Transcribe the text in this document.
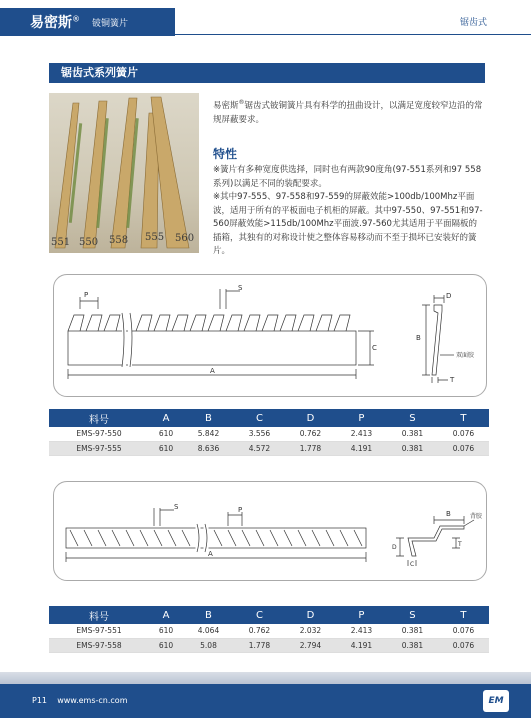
易密斯® 铍铜簧片	锯齿式
锯齿式系列簧片
551 550 558 555 560
易密斯®锯齿式铍铜簧片具有科学的扭曲设计，以满足宽度较窄边沿的常规屏蔽要求。
特性
※簧片有多种宽度供选择，同时也有两款90度角(97-551系列和97 558系列)以满足不同的装配要求。
※其中97-555、97-558和97-559的屏蔽效能>100db/100Mhz平面波，适用于所有的平板面电子机柜的屏蔽。其中97-550、97-551和97-560屏蔽效能>115db/100Mhz平面波.97-560尤其适用于平面隔板的插箱，其独有的对称设计使之整体容易移动而不至于损坏已安装好的簧片。
P
S
C
A
D
B
双面胶
T
料号	A	B	C	D	P	S	T
EMS-97-550	610	5.842	3.556	0.762	2.413	0.381	0.076
EMS-97-555	610	8.636	4.572	1.778	4.191	0.381	0.076
S	P
A
B	背胶
D	T
C
料号	A	B	C	D	P	S	T
EMS-97-551	610	4.064	0.762	2.032	2.413	0.381	0.076
EMS-97-558	610	5.08	1.778	2.794	4.191	0.381	0.076
P11 www.ems-cn.com	EM
